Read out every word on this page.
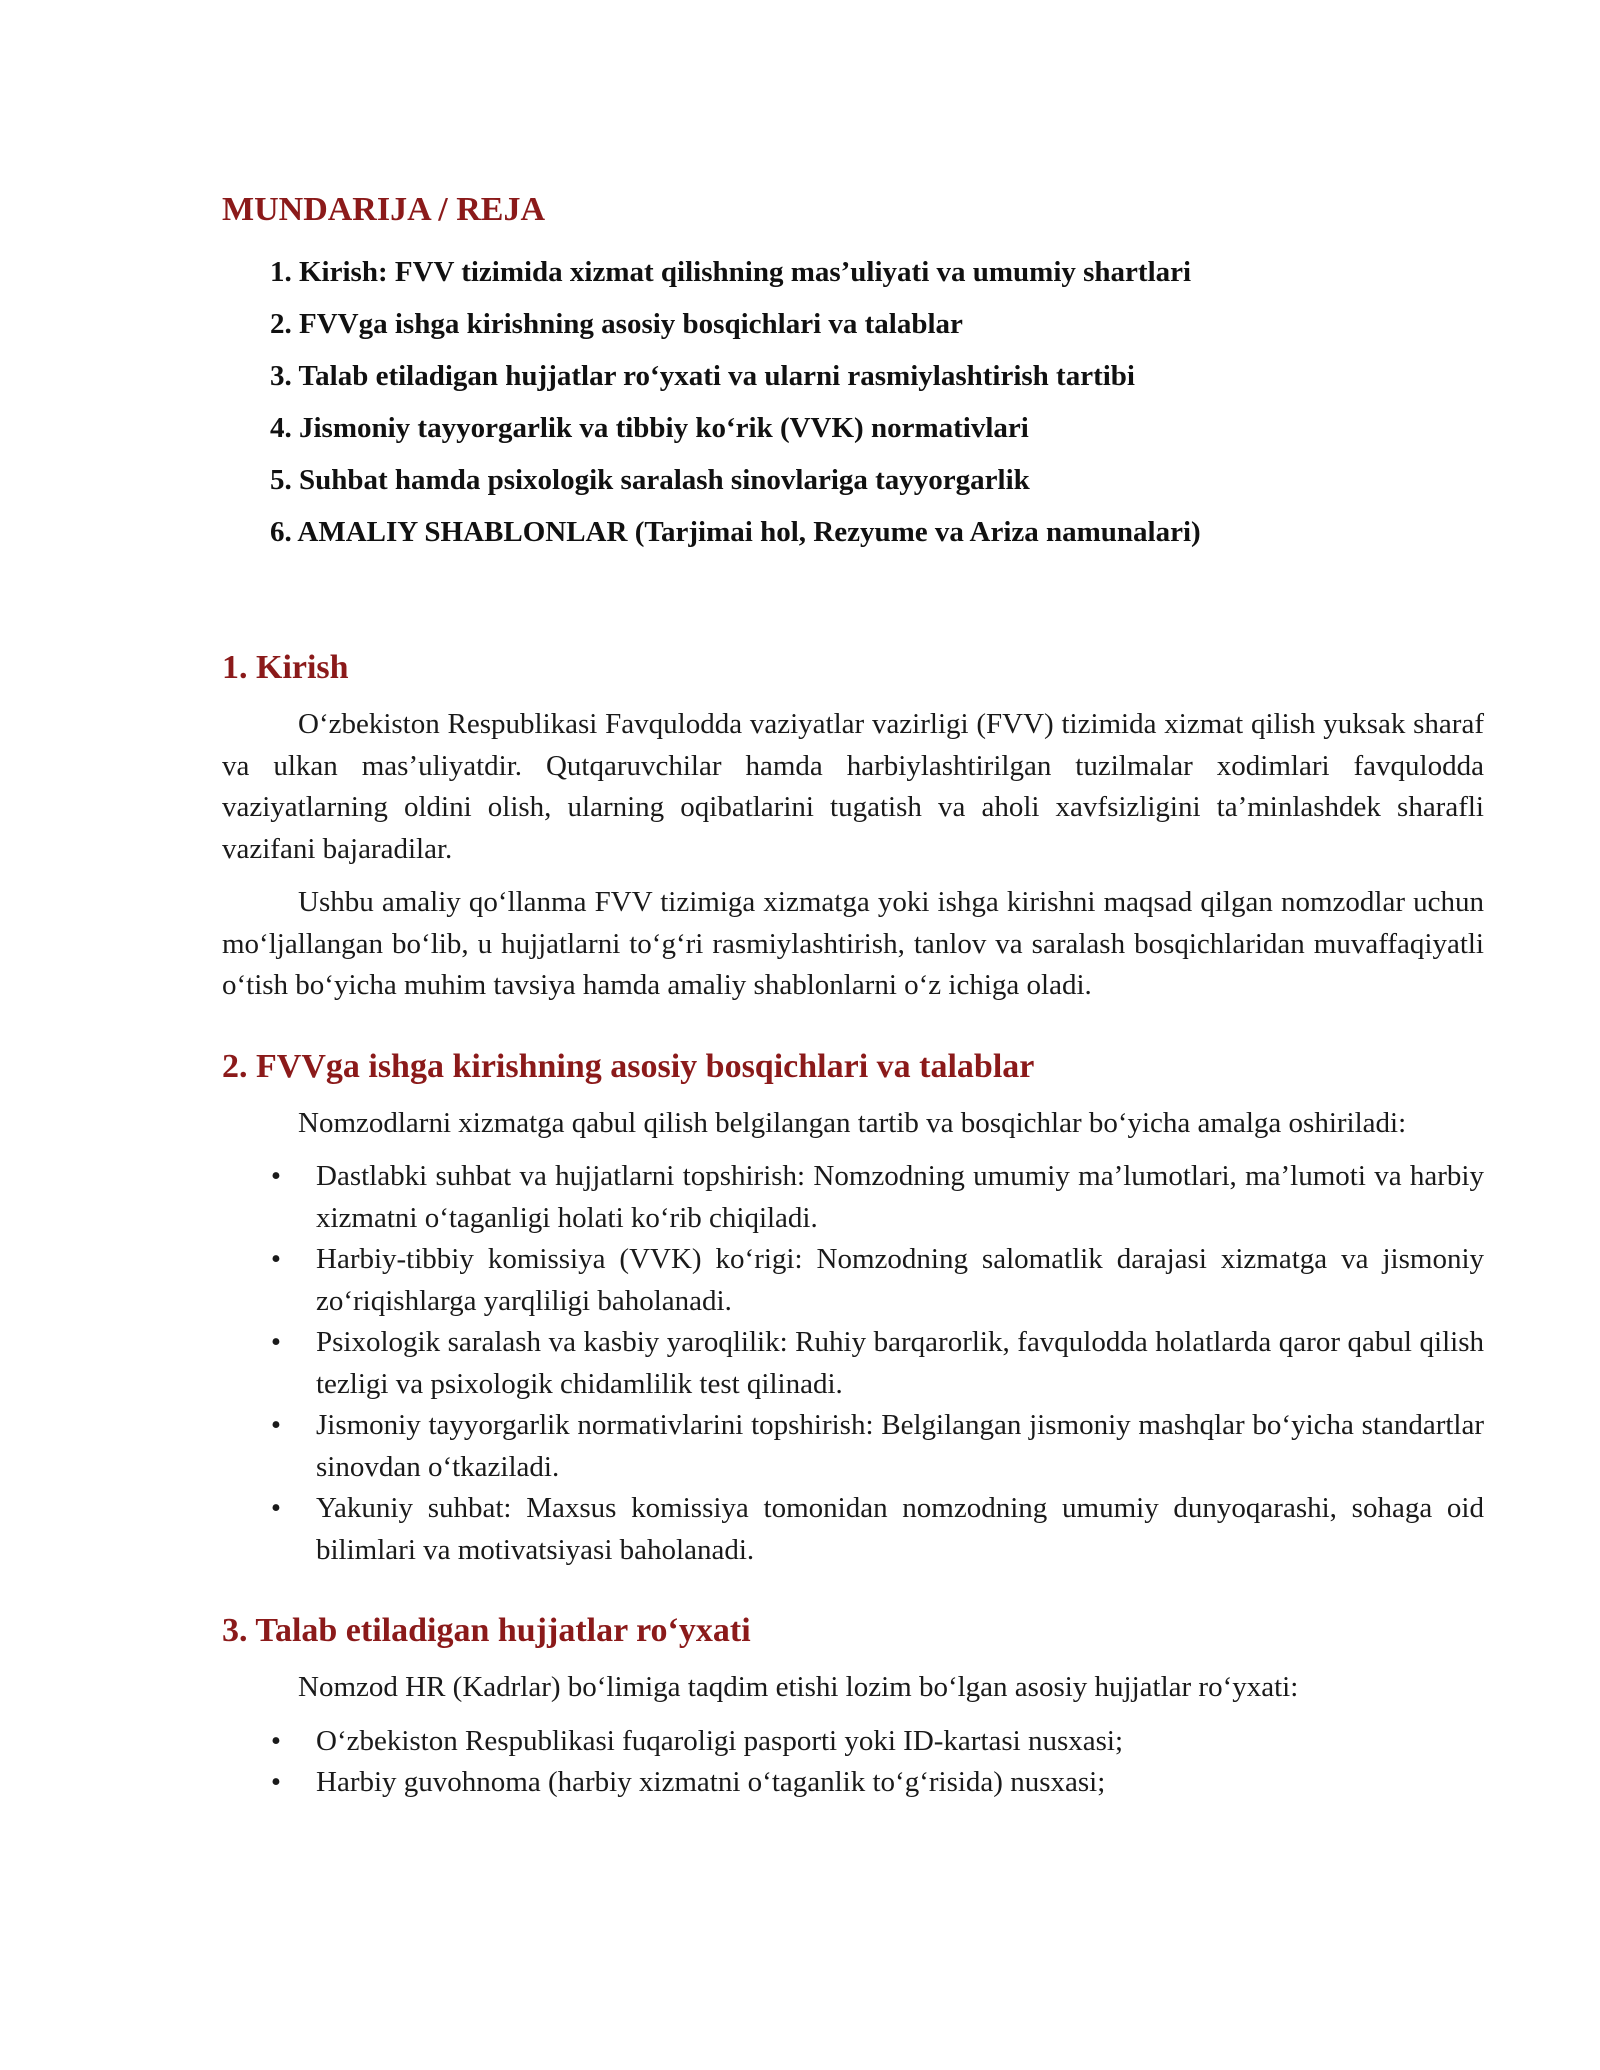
MUNDARIJA / REJA
1. Kirish: FVV tizimida xizmat qilishning mas’uliyati va umumiy shartlari
2. FVVga ishga kirishning asosiy bosqichlari va talablar
3. Talab etiladigan hujjatlar ro‘yxati va ularni rasmiylashtirish tartibi
4. Jismoniy tayyorgarlik va tibbiy ko‘rik (VVK) normativlari
5. Suhbat hamda psixologik saralash sinovlariga tayyorgarlik
6. AMALIY SHABLONLAR (Tarjimai hol, Rezyume va Ariza namunalari)
1. Kirish

O‘zbekiston Respublikasi Favqulodda vaziyatlar vazirligi (FVV) tizimida xizmat qilish yuksak sharaf va ulkan mas’uliyatdir. Qutqaruvchilar hamda harbiylashtirilgan tuzilmalar xodimlari favqulodda vaziyatlarning oldini olish, ularning oqibatlarini tugatish va aholi xavfsizligini ta’minlashdek sharafli vazifani bajaradilar.

Ushbu amaliy qo‘llanma FVV tizimiga xizmatga yoki ishga kirishni maqsad qilgan nomzodlar uchun mo‘ljallangan bo‘lib, u hujjatlarni to‘g‘ri rasmiylashtirish, tanlov va saralash bosqichlaridan muvaffaqiyatli o‘tish bo‘yicha muhim tavsiya hamda amaliy shablonlarni o‘z ichiga oladi.

2. FVVga ishga kirishning asosiy bosqichlari va talablar

Nomzodlarni xizmatga qabul qilish belgilangan tartib va bosqichlar bo‘yicha amalga oshiriladi:

• Dastlabki suhbat va hujjatlarni topshirish: Nomzodning umumiy ma’lumotlari, ma’lumoti va harbiy xizmatni o‘taganligi holati ko‘rib chiqiladi.
• Harbiy-tibbiy komissiya (VVK) ko‘rigi: Nomzodning salomatlik darajasi xizmatga va jismoniy zo‘riqishlarga yarqliligi baholanadi.
• Psixologik saralash va kasbiy yaroqlilik: Ruhiy barqarorlik, favqulodda holatlarda qaror qabul qilish tezligi va psixologik chidamlilik test qilinadi.
• Jismoniy tayyorgarlik normativlarini topshirish: Belgilangan jismoniy mashqlar bo‘yicha standartlar sinovdan o‘tkaziladi.
• Yakuniy suhbat: Maxsus komissiya tomonidan nomzodning umumiy dunyoqarashi, sohaga oid bilimlari va motivatsiyasi baholanadi.
3. Talab etiladigan hujjatlar ro‘yxati

Nomzod HR (Kadrlar) bo‘limiga taqdim etishi lozim bo‘lgan asosiy hujjatlar ro‘yxati:

• O‘zbekiston Respublikasi fuqaroligi pasporti yoki ID-kartasi nusxasi;
• Harbiy guvohnoma (harbiy xizmatni o‘taganlik to‘g‘risida) nusxasi;
